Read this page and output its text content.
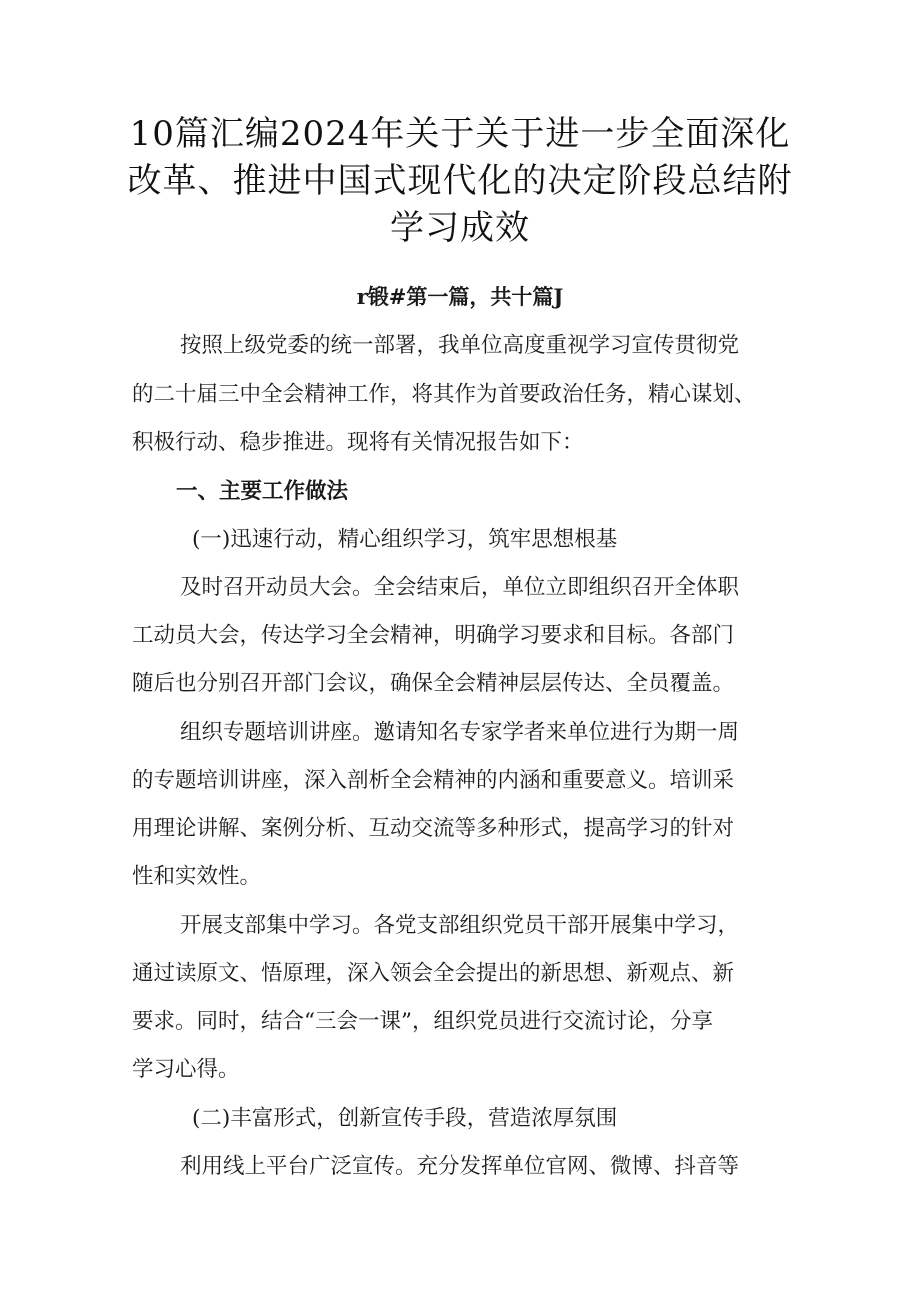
10篇汇编2024年关于关于进一步全面深化
改革、推进中国式现代化的决定阶段总结附
学习成效
r锻#第一篇，共十篇J
按照上级党委的统一部署，我单位高度重视学习宣传贯彻党
的二十届三中全会精神工作，将其作为首要政治任务，精心谋划、
积极行动、稳步推进。现将有关情况报告如下：
一、主要工作做法
(一)迅速行动，精心组织学习，筑牢思想根基
及时召开动员大会。全会结束后，单位立即组织召开全体职
工动员大会，传达学习全会精神，明确学习要求和目标。各部门
随后也分别召开部门会议，确保全会精神层层传达、全员覆盖。
组织专题培训讲座。邀请知名专家学者来单位进行为期一周
的专题培训讲座，深入剖析全会精神的内涵和重要意义。培训采
用理论讲解、案例分析、互动交流等多种形式，提高学习的针对
性和实效性。
开展支部集中学习。各党支部组织党员干部开展集中学习，
通过读原文、悟原理，深入领会全会提出的新思想、新观点、新
要求。同时，结合“三会一课”，组织党员进行交流讨论，分享
学习心得。
(二)丰富形式，创新宣传手段，营造浓厚氛围
利用线上平台广泛宣传。充分发挥单位官网、微博、抖音等
